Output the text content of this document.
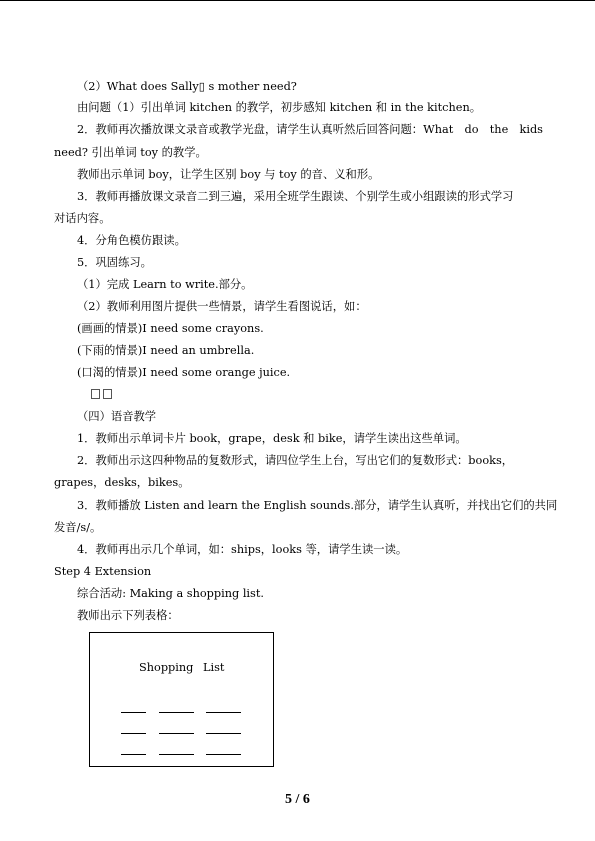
（2）What does Sally▯ s mother need?
由问题（1）引出单词 kitchen 的教学，初步感知 kitchen 和 in the kitchen。
2．教师再次播放课文录音或教学光盘，请学生认真听然后回答问题：What do the kids
need? 引出单词 toy 的教学。
教师出示单词 boy，让学生区别 boy 与 toy 的音、义和形。
3．教师再播放课文录音二到三遍，采用全班学生跟读、个别学生或小组跟读的形式学习
对话内容。
4．分角色模仿跟读。
5．巩固练习。
（1）完成 Learn to write.部分。
（2）教师利用图片提供一些情景，请学生看图说话，如：
(画画的情景)I need some crayons.
(下雨的情景)I need an umbrella.
(口渴的情景)I need some orange juice.
（四）语音教学
1．教师出示单词卡片 book，grape，desk 和 bike，请学生读出这些单词。
2．教师出示这四种物品的复数形式，请四位学生上台，写出它们的复数形式：books，
grapes，desks，bikes。
3．教师播放 Listen and learn the English sounds.部分，请学生认真听，并找出它们的共同
发音/s/。
4．教师再出示几个单词，如：ships，looks 等，请学生读一读。
Step 4 Extension
综合活动: Making a shopping list.
教师出示下列表格：
Shopping List
5 / 6
